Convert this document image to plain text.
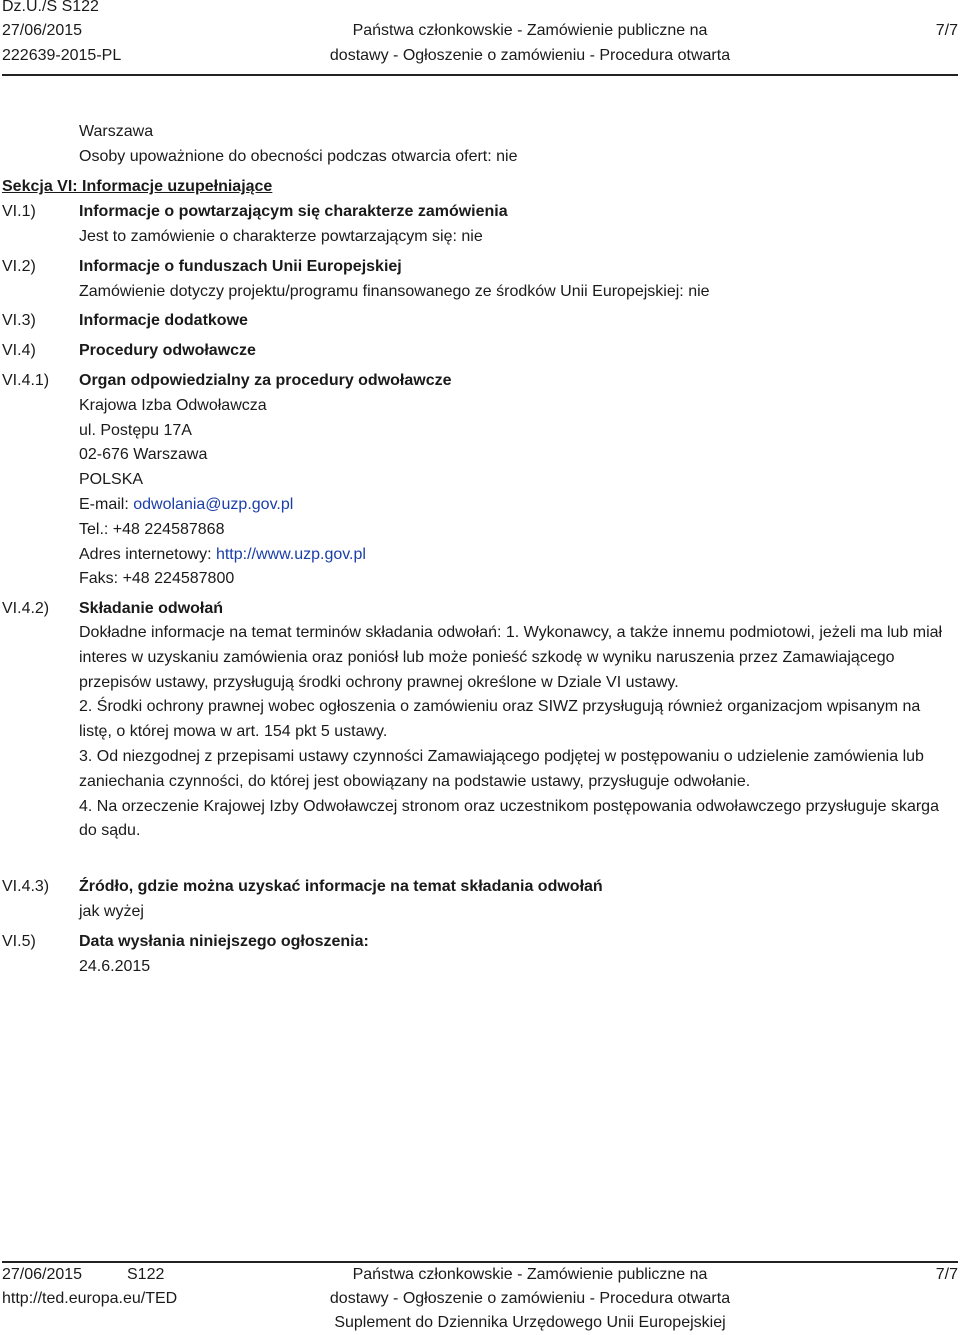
Dz.U./S S122
27/06/2015
222639-2015-PL
Państwa członkowskie - Zamówienie publiczne na
dostawy - Ogłoszenie o zamówieniu - Procedura otwarta
7/7
Warszawa
Osoby upoważnione do obecności podczas otwarcia ofert: nie
Sekcja VI: Informacje uzupełniające
VI.1)	Informacje o powtarzającym się charakterze zamówienia
Jest to zamówienie o charakterze powtarzającym się: nie
VI.2)	Informacje o funduszach Unii Europejskiej
Zamówienie dotyczy projektu/programu finansowanego ze środków Unii Europejskiej: nie
VI.3)	Informacje dodatkowe
VI.4)	Procedury odwoławcze
VI.4.1) Organ odpowiedzialny za procedury odwoławcze
Krajowa Izba Odwoławcza
ul. Postępu 17A
02-676 Warszawa
POLSKA
E-mail: odwolania@uzp.gov.pl
Tel.: +48 224587868
Adres internetowy: http://www.uzp.gov.pl
Faks: +48 224587800
VI.4.2) Składanie odwołań

Dokładne informacje na temat terminów składania odwołań: 1. Wykonawcy, a także innemu podmiotowi, jeżeli ma lub miał interes w uzyskaniu zamówienia oraz poniósł lub może ponieść szkodę w wyniku naruszenia przez Zamawiającego przepisów ustawy, przysługują środki ochrony prawnej określone w Dziale VI ustawy.

2. Środki ochrony prawnej wobec ogłoszenia o zamówieniu oraz SIWZ przysługują również organizacjom wpisanym na listę, o której mowa w art. 154 pkt 5 ustawy.

3. Od niezgodnej z przepisami ustawy czynności Zamawiającego podjętej w postępowaniu o udzielenie zamówienia lub zaniechania czynności, do której jest obowiązany na podstawie ustawy, przysługuje odwołanie.

4. Na orzeczenie Krajowej Izby Odwoławczej stronom oraz uczestnikom postępowania odwoławczego przysługuje skarga do sądu.

VI.4.3) Źródło, gdzie można uzyskać informacje na temat składania odwołań
jak wyżej
VI.5)	Data wysłania niniejszego ogłoszenia:
24.6.2015
27/06/2015	S122
http://ted.europa.eu/TED
Państwa członkowskie - Zamówienie publiczne na
dostawy - Ogłoszenie o zamówieniu - Procedura otwarta
Suplement do Dziennika Urzędowego Unii Europejskiej
7/7
